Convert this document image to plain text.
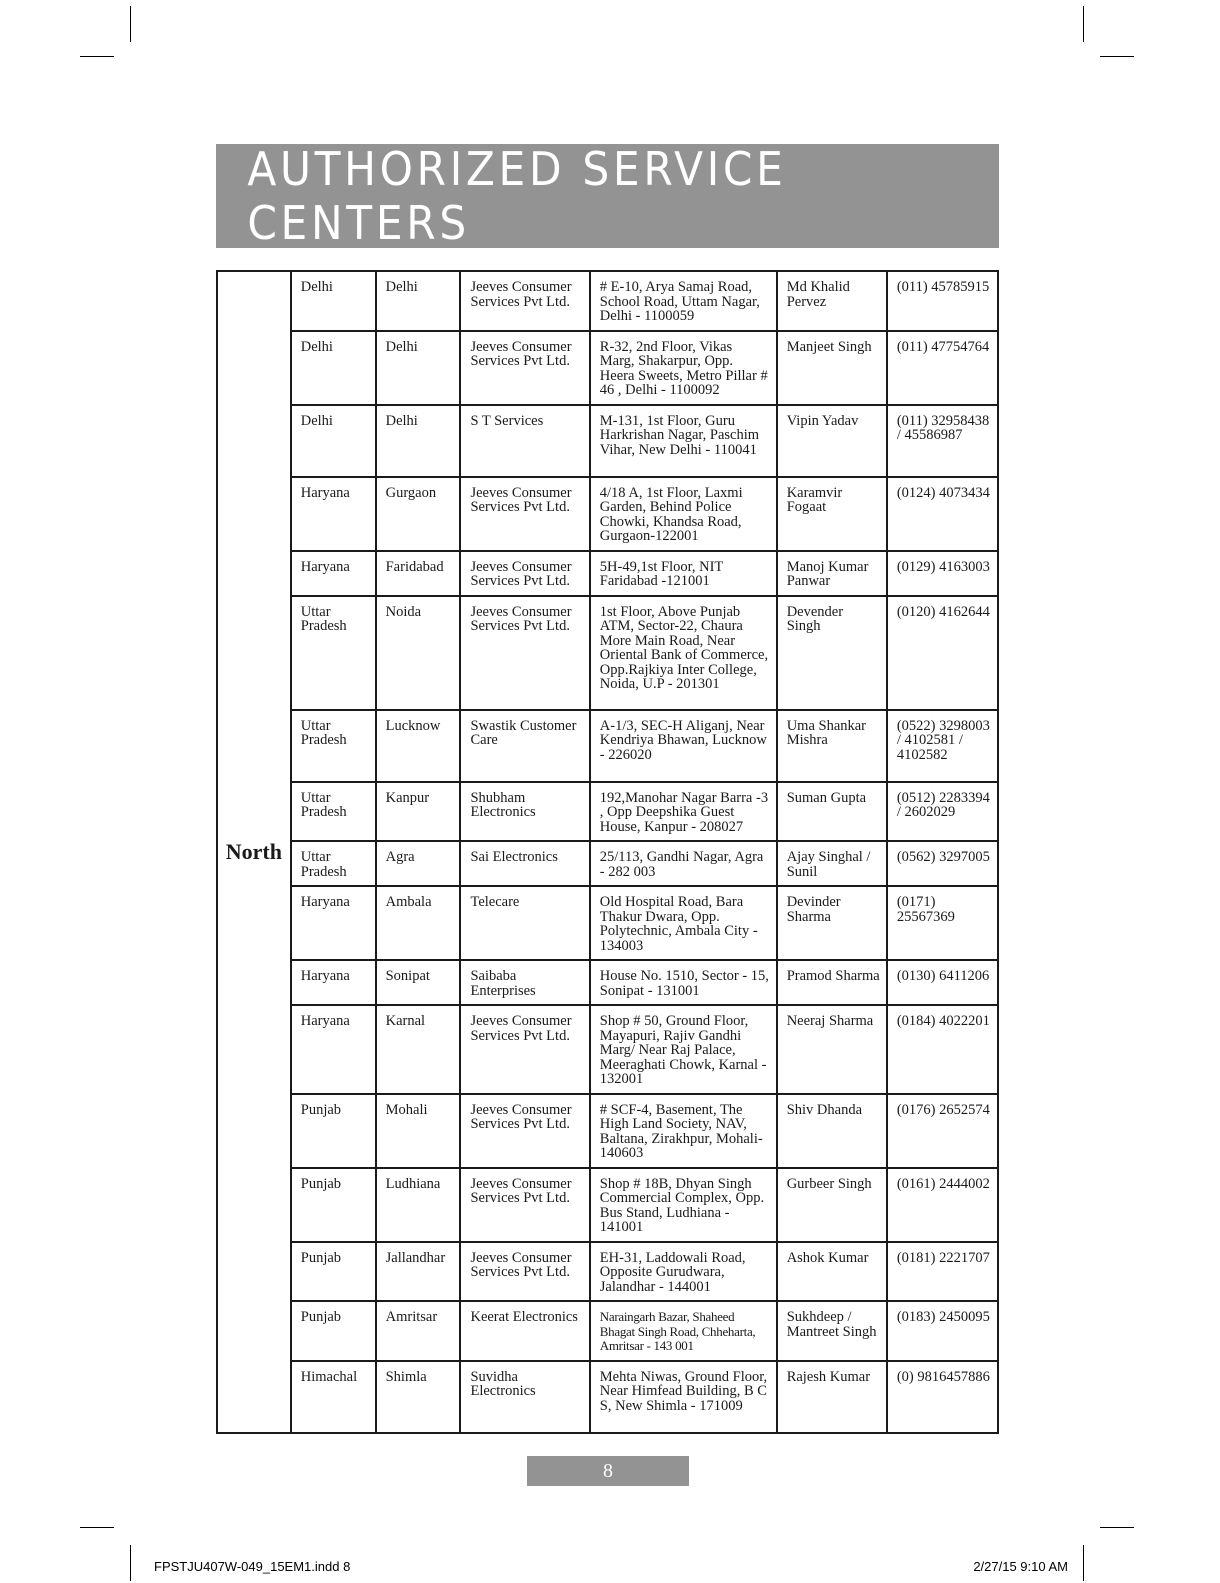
AUTHORIZED SERVICE CENTERS
North	Delhi	Delhi	Jeeves Consumer Services Pvt Ltd.	# E-10, Arya Samaj Road, School Road, Uttam Nagar, Delhi - 1100059	Md Khalid Pervez	(011) 45785915
	Delhi	Delhi	Jeeves Consumer Services Pvt Ltd.	R-32, 2nd Floor, Vikas Marg, Shakarpur, Opp. Heera Sweets, Metro Pillar # 46 , Delhi - 1100092	Manjeet Singh	(011) 47754764
	Delhi	Delhi	S T Services	M-131, 1st Floor, Guru Harkrishan Nagar, Paschim Vihar, New Delhi - 110041	Vipin Yadav	(011) 32958438 / 45586987
	Haryana	Gurgaon	Jeeves Consumer Services Pvt Ltd.	4/18 A, 1st Floor, Laxmi Garden, Behind Police Chowki, Khandsa Road, Gurgaon-122001	Karamvir Fogaat	(0124) 4073434
	Haryana	Faridabad	Jeeves Consumer Services Pvt Ltd.	5H-49,1st Floor, NIT Faridabad -121001	Manoj Kumar Panwar	(0129) 4163003
	Uttar Pradesh	Noida	Jeeves Consumer Services Pvt Ltd.	1st Floor, Above Punjab ATM, Sector-22, Chaura More Main Road, Near Oriental Bank of Commerce, Opp.Rajkiya Inter College, Noida, U.P - 201301	Devender Singh	(0120) 4162644
	Uttar Pradesh	Lucknow	Swastik Customer Care	A-1/3, SEC-H Aliganj, Near Kendriya Bhawan, Lucknow - 226020	Uma Shankar Mishra	(0522) 3298003 / 4102581 / 4102582
	Uttar Pradesh	Kanpur	Shubham Electronics	192,Manohar Nagar Barra -3 , Opp Deepshika Guest House, Kanpur - 208027	Suman Gupta	(0512) 2283394 / 2602029
	Uttar Pradesh	Agra	Sai Electronics	25/113, Gandhi Nagar, Agra - 282 003	Ajay Singhal / Sunil	(0562) 3297005
	Haryana	Ambala	Telecare	Old Hospital Road, Bara Thakur Dwara, Opp. Polytechnic, Ambala City - 134003	Devinder Sharma	(0171) 25567369
	Haryana	Sonipat	Saibaba Enterprises	House No. 1510, Sector - 15, Sonipat - 131001	Pramod Sharma	(0130) 6411206
	Haryana	Karnal	Jeeves Consumer Services Pvt Ltd.	Shop # 50, Ground Floor, Mayapuri, Rajiv Gandhi Marg/ Near Raj Palace, Meeraghati Chowk, Karnal - 132001	Neeraj Sharma	(0184) 4022201
	Punjab	Mohali	Jeeves Consumer Services Pvt Ltd.	# SCF-4, Basement, The High Land Society, NAV, Baltana, Zirakhpur, Mohali-140603	Shiv Dhanda	(0176) 2652574
	Punjab	Ludhiana	Jeeves Consumer Services Pvt Ltd.	Shop # 18B, Dhyan Singh Commercial Complex, Opp. Bus Stand, Ludhiana - 141001	Gurbeer Singh	(0161) 2444002
	Punjab	Jallandhar	Jeeves Consumer Services Pvt Ltd.	EH-31, Laddowali Road, Opposite Gurudwara, Jalandhar - 144001	Ashok Kumar	(0181) 2221707
	Punjab	Amritsar	Keerat Electronics	Naraingarh Bazar, Shaheed Bhagat Singh Road, Chheharta, Amritsar - 143 001	Sukhdeep / Mantreet Singh	(0183) 2450095
	Himachal	Shimla	Suvidha Electronics	Mehta Niwas, Ground Floor, Near Himfead Building, B C S, New Shimla - 171009	Rajesh Kumar	(0) 9816457886
8
FPSTJU407W-049_15EM1.indd 8	2/27/15 9:10 AM
